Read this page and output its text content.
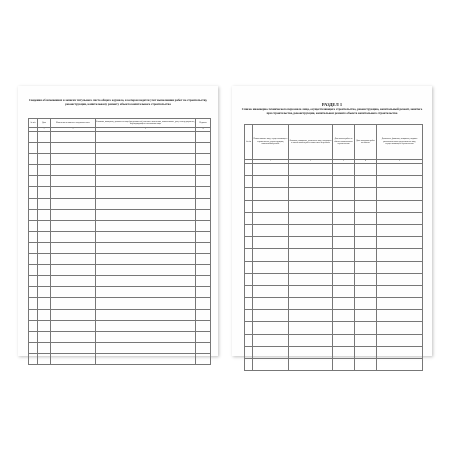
Сведения об изменениях в записях титульного листа общего журнала, в котором ведется учет выполнения работ по строительству, реконструкции, капитальному ремонту объекта капитального строительства
№ п/п	Дата	Изменения в записях в титульном листе	Фамилия, инициалы, должность лица (представителя), внесшего изменения, наименование, дата, номер документа, подтверждающего полномочия лица	Подпись
	1	2	3	4

РАЗДЕЛ 1
Список инженерно-технического персонала лица, осуществляющего строительство, реконструкцию, капитальный ремонт, занятого при строительстве, реконструкции, капитальном ремонте объекта капитального строительства
№ п/п	Наименование лица, осуществляющего строительство, реконструкцию, капитальный ремонт	Фамилия, инициалы, должность лица, входящего в список инженерно-технического персонала	Дата начала работ на объекте капитального строительства	Дата окончания работ на объекте	Должность, фамилия, инициалы, подпись уполномоченного представителя лица, осуществляющего строительство
	1	2	3	4	5
